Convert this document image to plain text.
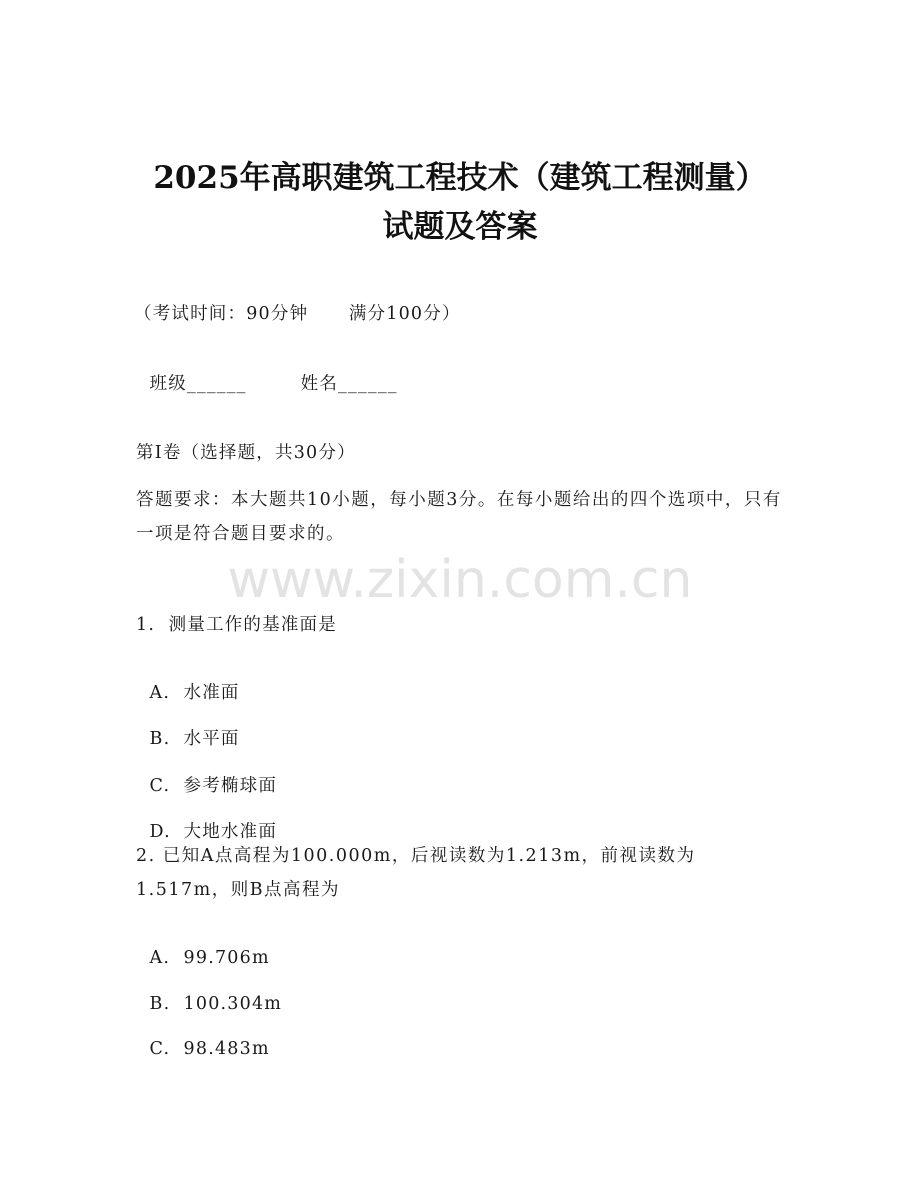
www.zixin.com.cn
2025年高职建筑工程技术（建筑工程测量）
试题及答案
（考试时间：90分钟      满分100分）

班级______	姓名______

第I卷（选择题，共30分）
答题要求：本大题共10小题，每小题3分。在每小题给出的四个选项中，只有一项是符合题目要求的。
1.  测量工作的基准面是

A. 水准面

B. 水平面

C. 参考椭球面

D. 大地水准面

2. 已知A点高程为100.000m，后视读数为1.213m，前视读数为1.517m，则B点高程为

A. 99.706m

B. 100.304m

C. 98.483m
